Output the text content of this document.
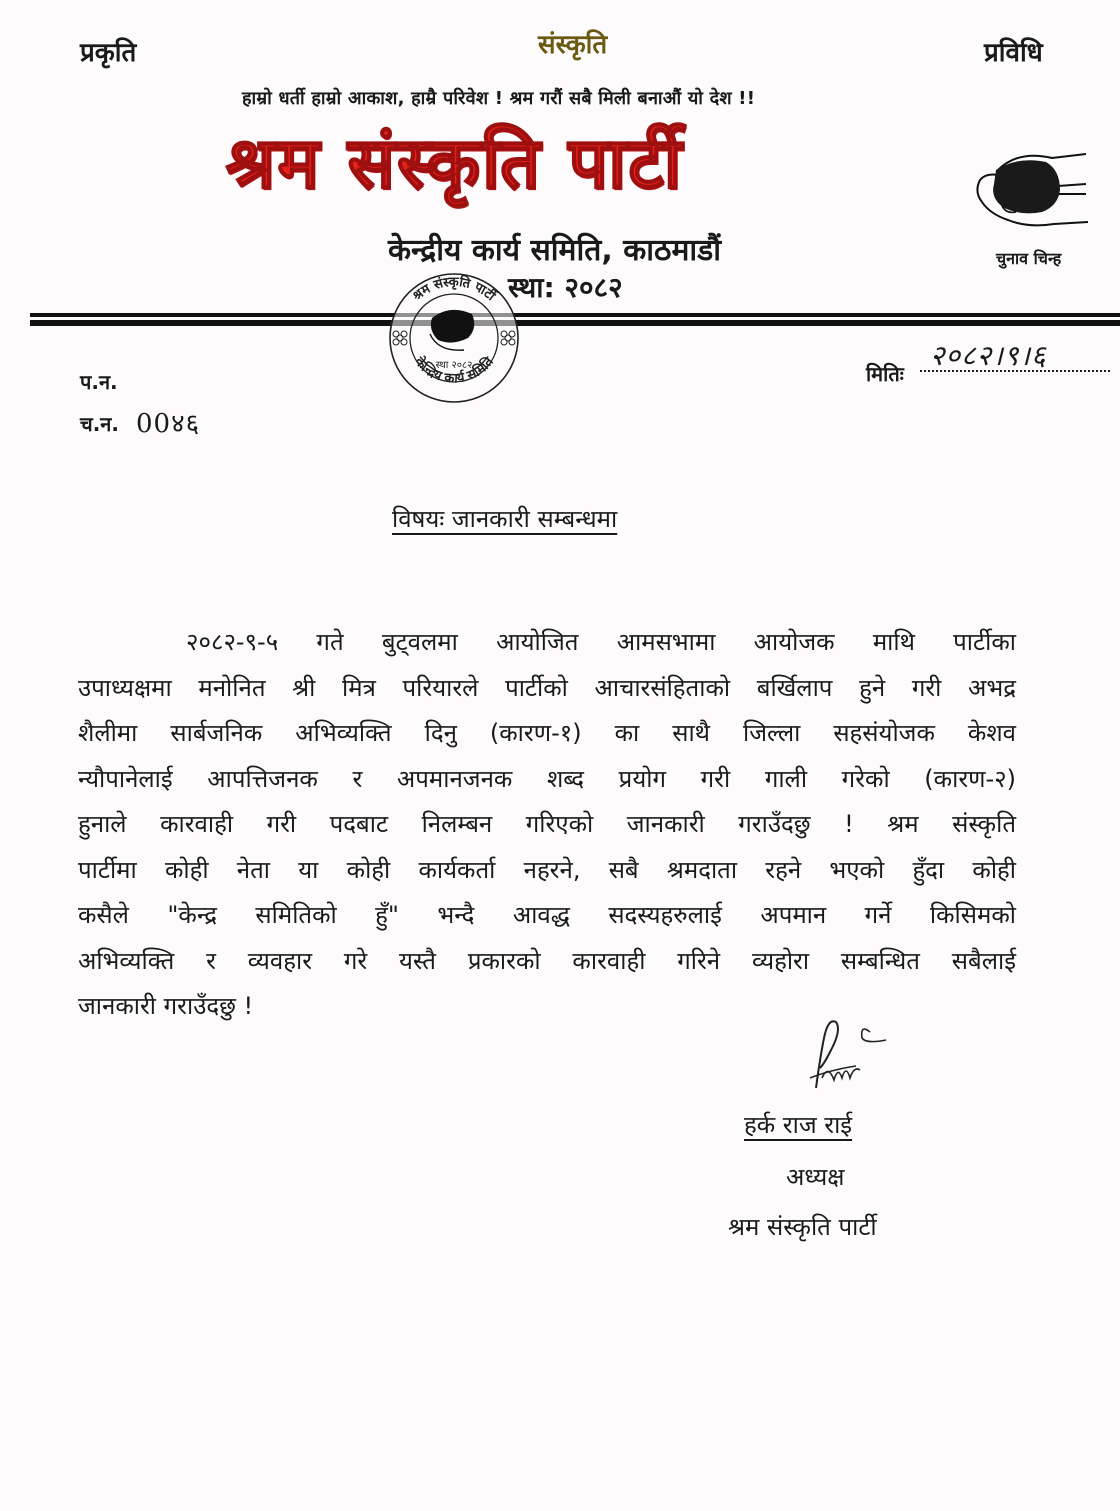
प्रकृति	संस्कृति	प्रविधि
हाम्रो धर्ती हाम्रो आकाश, हाम्रै परिवेश ! श्रम गरौं सबै मिली बनाऔं यो देश !!
श्रम संस्कृति पार्टी
केन्द्रीय कार्य समिति, काठमाडौं
स्था: २०८२
चुनाव चिन्ह
श्रम संस्कृति पार्टी
केन्द्रिय कार्य समिति
स्था २०८२
प.न.
च.न. 00४६
मितिः
२०८२।९।६
विषयः जानकारी सम्बन्धमा
२०८२-९-५ गते बुट्वलमा आयोजित आमसभामा आयोजक माथि पार्टीका
उपाध्यक्षमा मनोनित श्री मित्र परियारले पार्टीको आचारसंहिताको बर्खिलाप हुने गरी अभद्र
शैलीमा सार्बजनिक अभिव्यक्ति दिनु (कारण-१) का साथै जिल्ला सहसंयोजक केशव
न्यौपानेलाई आपत्तिजनक र अपमानजनक शब्द प्रयोग गरी गाली गरेको (कारण-२)
हुनाले कारवाही गरी पदबाट निलम्बन गरिएको जानकारी गराउँदछु ! श्रम संस्कृति
पार्टीमा कोही नेता या कोही कार्यकर्ता नहरने, सबै श्रमदाता रहने भएको हुँदा कोही
कसैले "केन्द्र समितिको हुँ" भन्दै आवद्ध सदस्यहरुलाई अपमान गर्ने किसिमको
अभिव्यक्ति र व्यवहार गरे यस्तै प्रकारको कारवाही गरिने व्यहोरा सम्बन्धित सबैलाई
जानकारी गराउँदछु !
हर्क राज राई
अध्यक्ष
श्रम संस्कृति पार्टी
